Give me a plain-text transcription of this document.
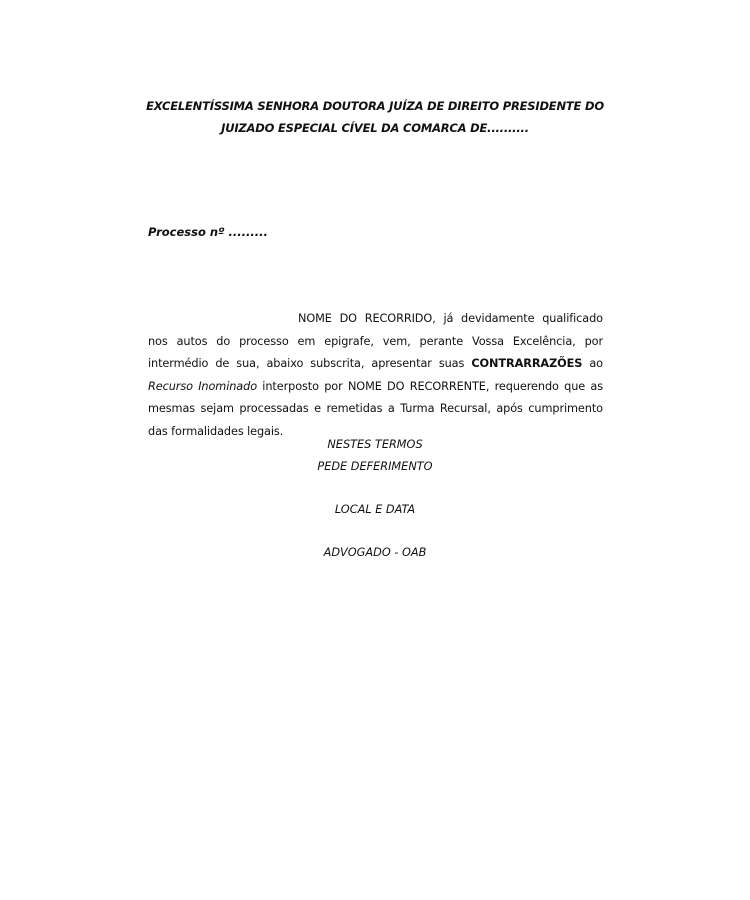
EXCELENTÍSSIMA SENHORA DOUTORA JUÍZA DE DIREITO PRESIDENTE DO

JUIZADO ESPECIAL CÍVEL DA COMARCA DE..........
Processo nº .........
NOME DO RECORRIDO, já devidamente qualificado nos autos do processo em epigrafe, vem, perante Vossa Excelência, por intermédio de sua, abaixo subscrita, apresentar suas CONTRARRAZÕES ao Recurso Inominado interposto por NOME DO RECORRENTE, requerendo que as mesmas sejam processadas e remetidas a Turma Recursal, após cumprimento das formalidades legais.
NESTES TERMOS
PEDE DEFERIMENTO
LOCAL E DATA
ADVOGADO - OAB
